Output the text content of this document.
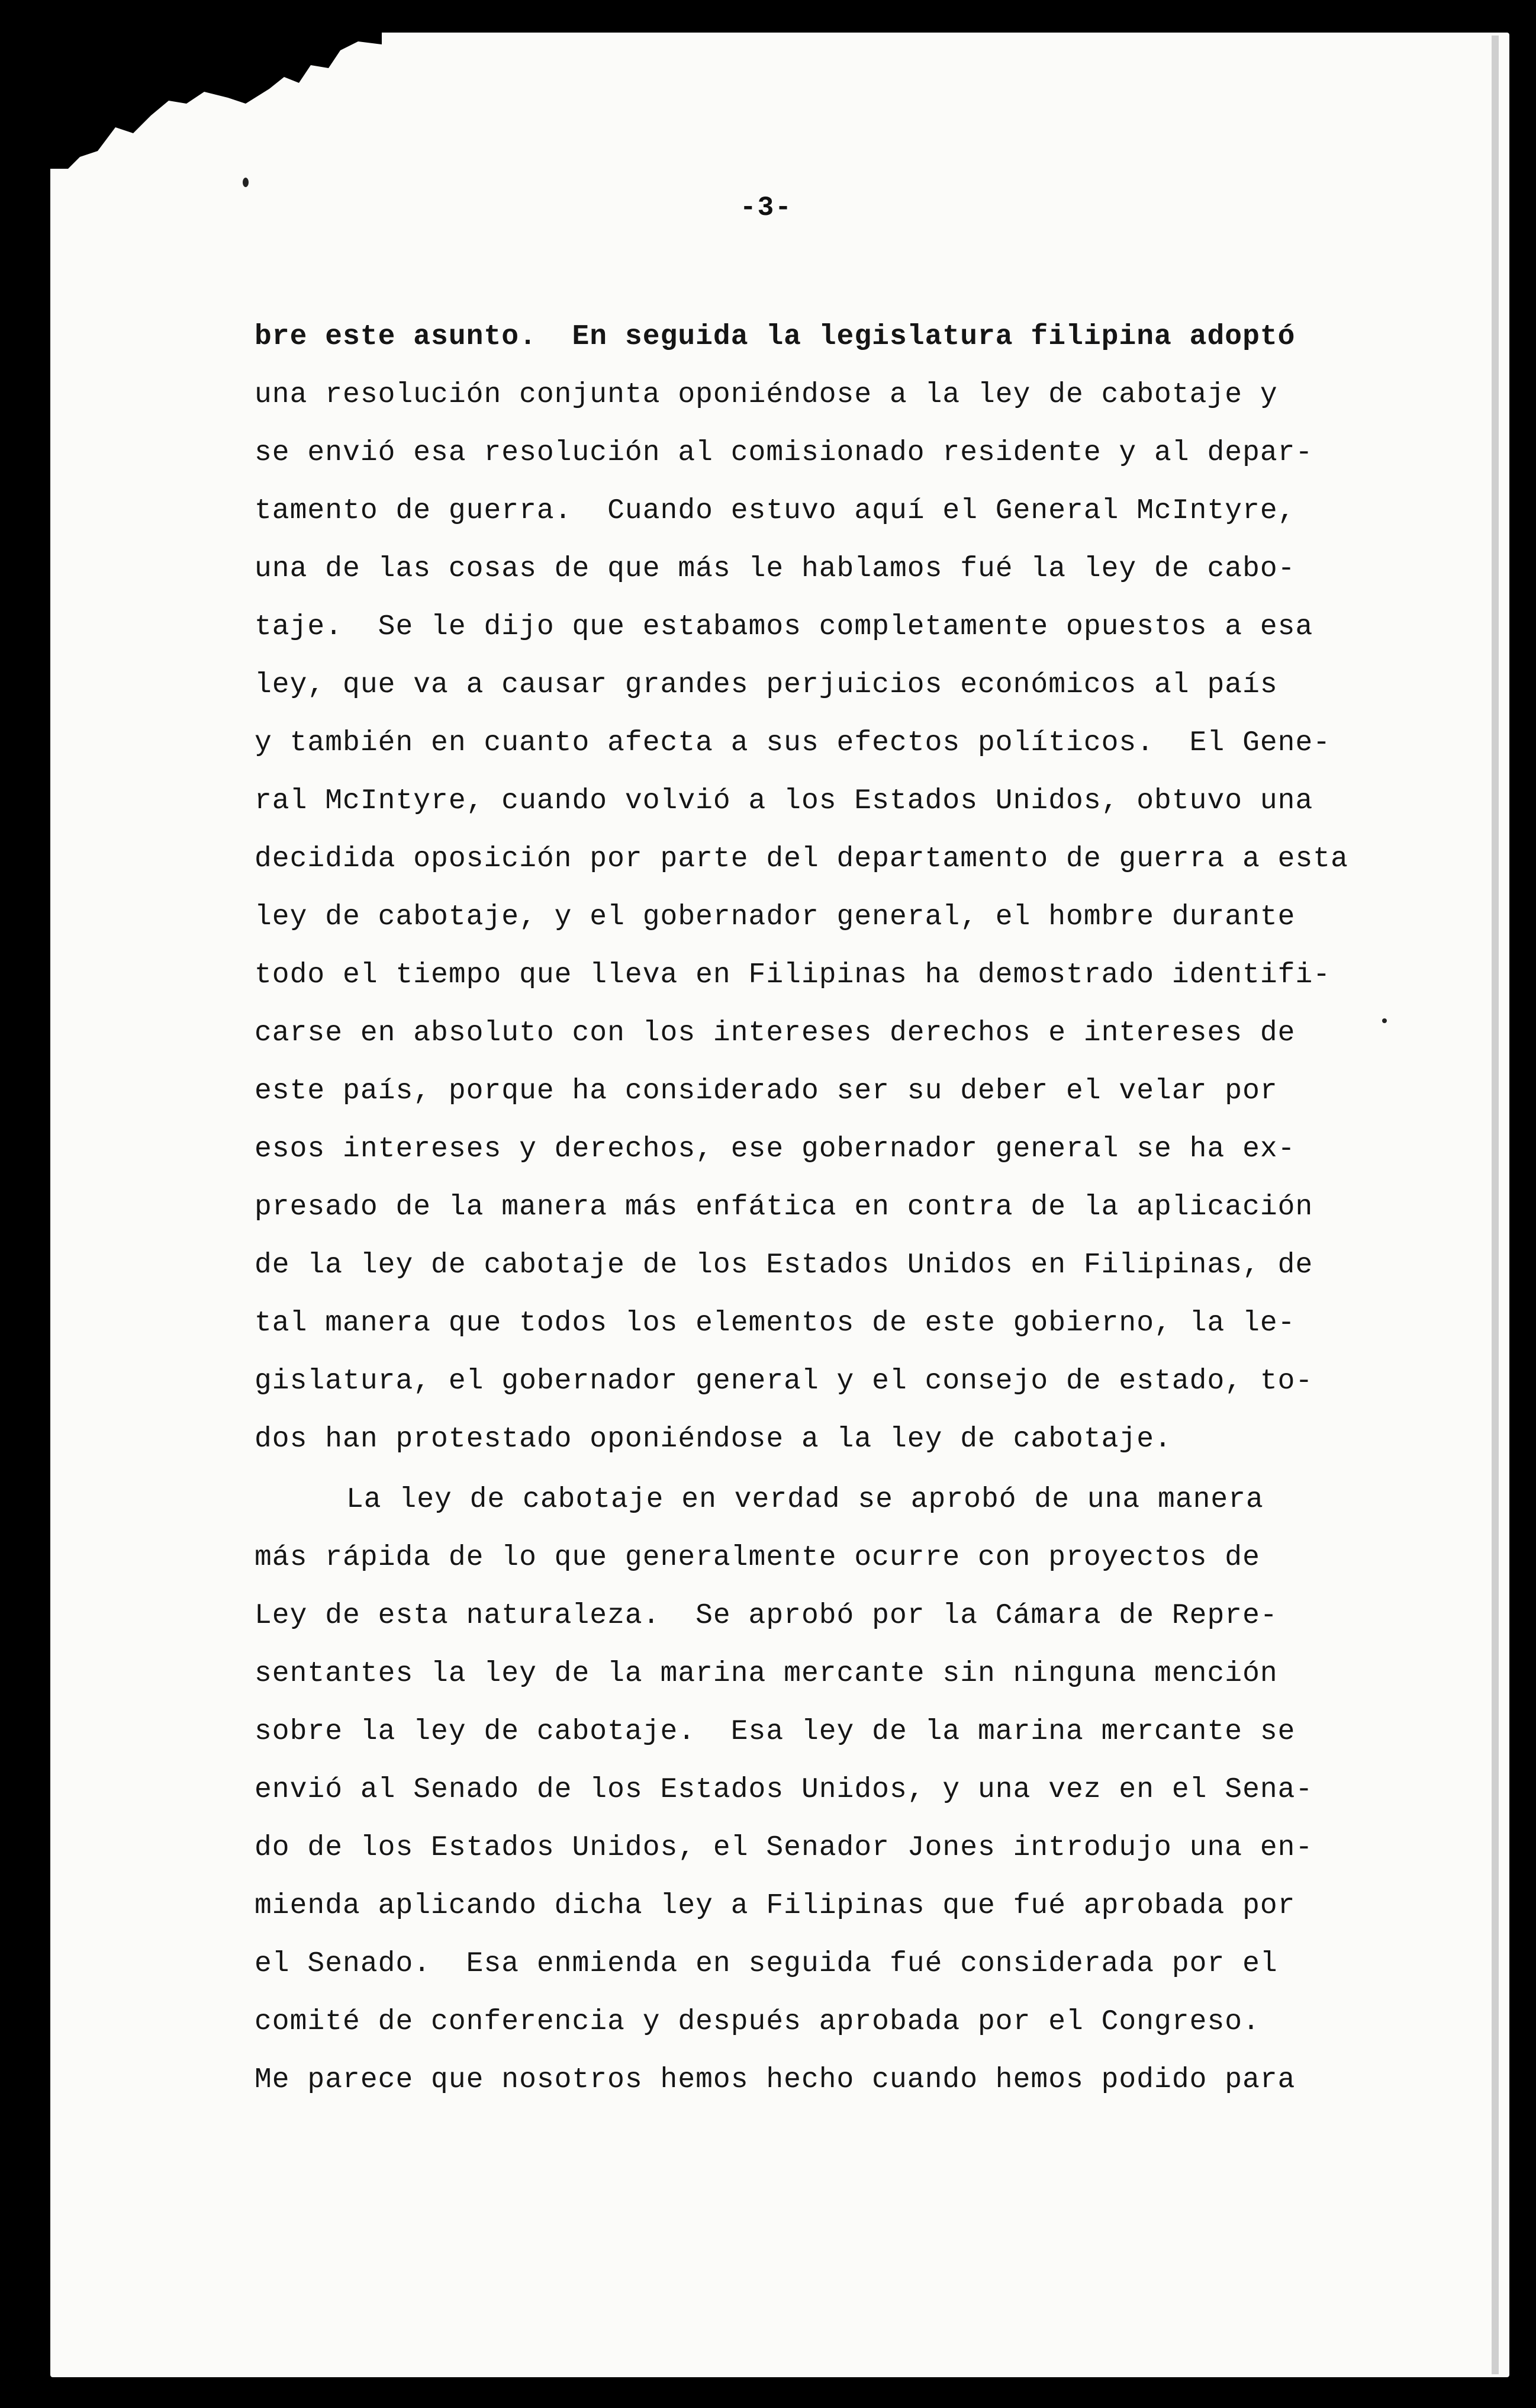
-3-
bre este asunto.  En seguida la legislatura filipina adoptó
una resolución conjunta oponiéndose a la ley de cabotaje y
se envió esa resolución al comisionado residente y al depar-
tamento de guerra.  Cuando estuvo aquí el General McIntyre,
una de las cosas de que más le hablamos fué la ley de cabo-
taje.  Se le dijo que estabamos completamente opuestos a esa
ley, que va a causar grandes perjuicios económicos al país
y también en cuanto afecta a sus efectos políticos.  El Gene-
ral McIntyre, cuando volvió a los Estados Unidos, obtuvo una
decidida oposición por parte del departamento de guerra a esta
ley de cabotaje, y el gobernador general, el hombre durante
todo el tiempo que lleva en Filipinas ha demostrado identifi-
carse en absoluto con los intereses derechos e intereses de
este país, porque ha considerado ser su deber el velar por
esos intereses y derechos, ese gobernador general se ha ex-
presado de la manera más enfática en contra de la aplicación
de la ley de cabotaje de los Estados Unidos en Filipinas, de
tal manera que todos los elementos de este gobierno, la le-
gislatura, el gobernador general y el consejo de estado, to-
dos han protestado oponiéndose a la ley de cabotaje.
La ley de cabotaje en verdad se aprobó de una manera
más rápida de lo que generalmente ocurre con proyectos de
Ley de esta naturaleza.  Se aprobó por la Cámara de Repre-
sentantes la ley de la marina mercante sin ninguna mención
sobre la ley de cabotaje.  Esa ley de la marina mercante se
envió al Senado de los Estados Unidos, y una vez en el Sena-
do de los Estados Unidos, el Senador Jones introdujo una en-
mienda aplicando dicha ley a Filipinas que fué aprobada por
el Senado.  Esa enmienda en seguida fué considerada por el
comité de conferencia y después aprobada por el Congreso.
Me parece que nosotros hemos hecho cuando hemos podido para
